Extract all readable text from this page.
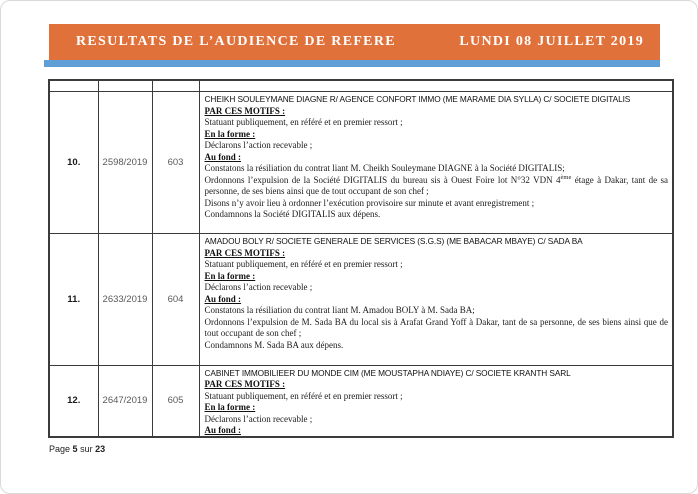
RESULTATS DE L’AUDIENCE DE REFERE	LUNDI 08 JUILLET 2019

10.	2598/2019	603	
CHEIKH SOULEYMANE DIAGNE R/ AGENCE CONFORT IMMO (ME MARAME DIA SYLLA) C/ SOCIETE DIGITALIS
PAR CES MOTIFS :
Statuant publiquement, en référé et en premier ressort ;
En la forme :
Déclarons l’action recevable ;
Au fond :
Constatons la résiliation du contrat liant M. Cheikh Souleymane DIAGNE à la Société DIGITALIS;
Ordonnons l’expulsion de la Société DIGITALIS du bureau sis à Ouest Foire lot N°32 VDN 4ème étage à Dakar, tant de sa personne, de ses biens ainsi que de tout occupant de son chef ;
Disons n’y avoir lieu à ordonner l’exécution provisoire sur minute et avant enregistrement ;
Condamnons la Société DIGITALIS aux dépens.

11.	2633/2019	604	
AMADOU BOLY R/ SOCIETE GENERALE DE SERVICES (S.G.S) (ME BABACAR MBAYE) C/ SADA BA
PAR CES MOTIFS :
Statuant publiquement, en référé et en premier ressort ;
En la forme :
Déclarons l’action recevable ;
Au fond :
Constatons la résiliation du contrat liant M. Amadou BOLY à M. Sada BA;
Ordonnons l’expulsion de M. Sada BA du local sis à Arafat Grand Yoff à Dakar, tant de sa personne, de ses biens ainsi que de tout occupant de son chef ;
Condamnons M. Sada BA aux dépens.

12.	2647/2019	605	
CABINET IMMOBILIEER DU MONDE CIM (ME MOUSTAPHA NDIAYE) C/ SOCIETE KRANTH SARL
PAR CES MOTIFS :
Statuant publiquement, en référé et en premier ressort ;
En la forme :
Déclarons l’action recevable ;
Au fond :
Page 5 sur 23
